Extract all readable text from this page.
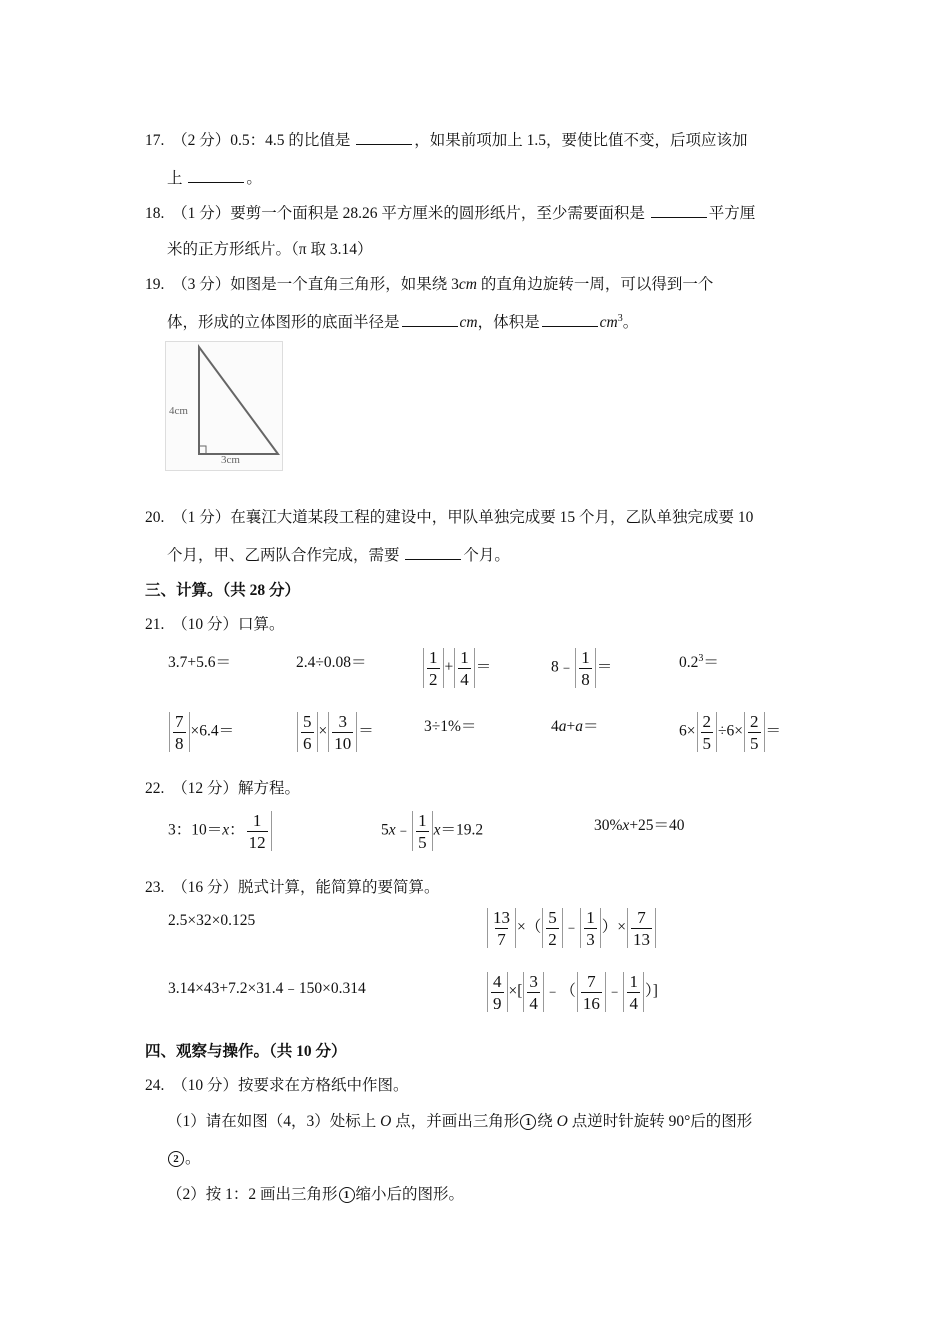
17.　（2 分）0.5：4.5 的比值是	，如果前项加上 1.5，要使比值不变，后项应该加
上	。
18.　（1 分）要剪一个面积是 28.26 平方厘米的圆形纸片，至少需要面积是	平方厘
米的正方形纸片。（π 取 3.14）
19.　（3 分）如图是一个直角三角形，如果绕 3cm 的直角边旋转一周，可以得到一个
体，形成的立体图形的底面半径是	cm，体积是	$cm^3$。
4cm
3cm
20.　（1 分）在襄江大道某段工程的建设中，甲队单独完成要 15 个月，乙队单独完成要 10
个月，甲、乙两队合作完成，需要	个月。
三、计算。（共 28 分）
21.　（10 分）口算。
3.7+5.6＝	2.4÷0.08＝	$\frac{1}{2} + \frac{1}{4}$ ＝	8﹣ $\frac{1}{8}$ ＝	$0.2^3=$
$\frac{7}{8} \times 6.4=$	$\frac{5}{6} \times \frac{3}{10}$ ＝	3÷1%＝	4a+a＝	$6\times \frac{2}{5} \div 6\times \frac{2}{5}$ ＝
22.　（12 分）解方程。
3：10＝x： $\frac{1}{12}$	5x﹣ $\frac{1}{5} x=19.2$	30%x+25＝40
23.　（16 分）脱式计算，能简算的要简算。
2.5×32×0.125	$\frac{13}{7}$ ×（ $\frac{5}{2}$ ﹣ $\frac{1}{3}$ ）× $\frac{7}{13}$
3.14×43+7.2×31.4﹣150×0.314	$\frac{4}{9}$ ×[ $\frac{3}{4}$ ﹣（ $\frac{7}{16}$ ﹣ $\frac{1}{4}$ ）]
四、观察与操作。（共 10 分）
24.　（10 分）按要求在方格纸中作图。
（1）请在如图（4，3）处标上 O 点，并画出三角形 1 绕 O 点逆时针旋转 90°后的图形
2 。
（2）按 1：2 画出三角形 1 缩小后的图形。
